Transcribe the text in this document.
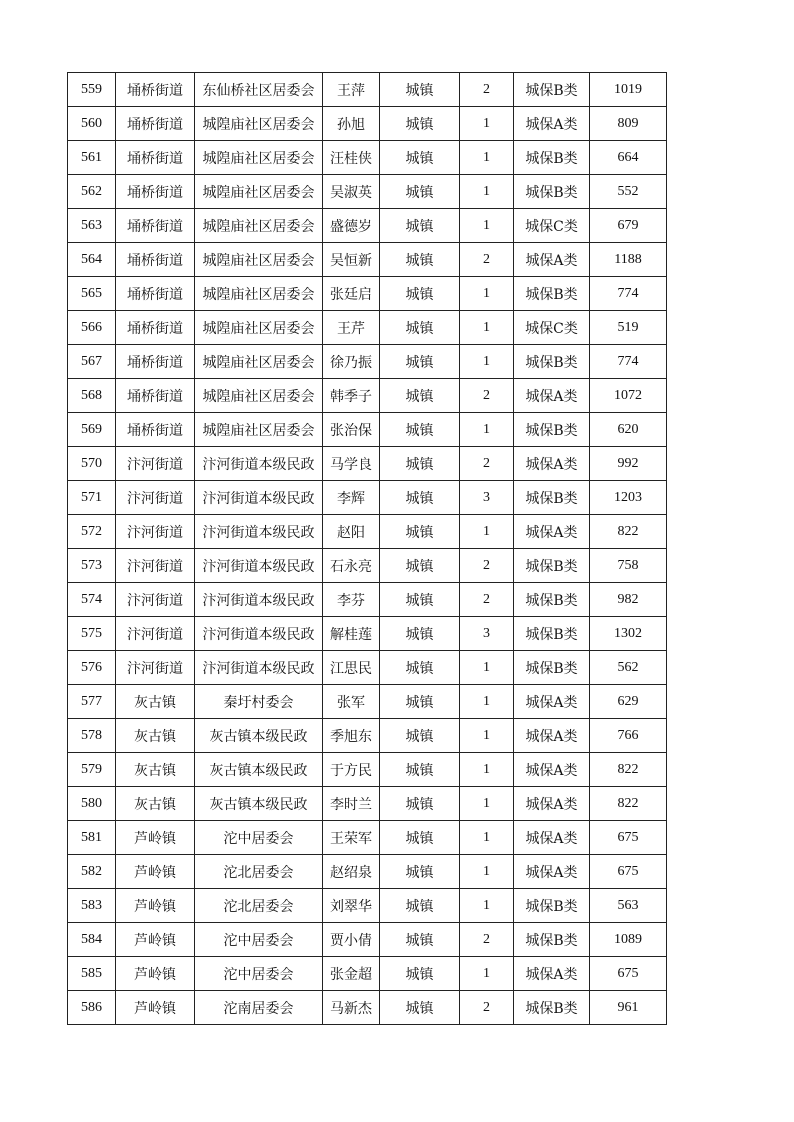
559	埇桥街道	东仙桥社区居委会	王萍	城镇	2	城保B类	1019
560	埇桥街道	城隍庙社区居委会	孙旭	城镇	1	城保A类	809
561	埇桥街道	城隍庙社区居委会	汪桂侠	城镇	1	城保B类	664
562	埇桥街道	城隍庙社区居委会	吴淑英	城镇	1	城保B类	552
563	埇桥街道	城隍庙社区居委会	盛德岁	城镇	1	城保C类	679
564	埇桥街道	城隍庙社区居委会	吴恒新	城镇	2	城保A类	1188
565	埇桥街道	城隍庙社区居委会	张廷启	城镇	1	城保B类	774
566	埇桥街道	城隍庙社区居委会	王芹	城镇	1	城保C类	519
567	埇桥街道	城隍庙社区居委会	徐乃振	城镇	1	城保B类	774
568	埇桥街道	城隍庙社区居委会	韩季子	城镇	2	城保A类	1072
569	埇桥街道	城隍庙社区居委会	张治保	城镇	1	城保B类	620
570	汴河街道	汴河街道本级民政	马学良	城镇	2	城保A类	992
571	汴河街道	汴河街道本级民政	李辉	城镇	3	城保B类	1203
572	汴河街道	汴河街道本级民政	赵阳	城镇	1	城保A类	822
573	汴河街道	汴河街道本级民政	石永亮	城镇	2	城保B类	758
574	汴河街道	汴河街道本级民政	李芬	城镇	2	城保B类	982
575	汴河街道	汴河街道本级民政	解桂莲	城镇	3	城保B类	1302
576	汴河街道	汴河街道本级民政	江思民	城镇	1	城保B类	562
577	灰古镇	秦圩村委会	张军	城镇	1	城保A类	629
578	灰古镇	灰古镇本级民政	季旭东	城镇	1	城保A类	766
579	灰古镇	灰古镇本级民政	于方民	城镇	1	城保A类	822
580	灰古镇	灰古镇本级民政	李时兰	城镇	1	城保A类	822
581	芦岭镇	沱中居委会	王荣军	城镇	1	城保A类	675
582	芦岭镇	沱北居委会	赵绍泉	城镇	1	城保A类	675
583	芦岭镇	沱北居委会	刘翠华	城镇	1	城保B类	563
584	芦岭镇	沱中居委会	贾小倩	城镇	2	城保B类	1089
585	芦岭镇	沱中居委会	张金超	城镇	1	城保A类	675
586	芦岭镇	沱南居委会	马新杰	城镇	2	城保B类	961
